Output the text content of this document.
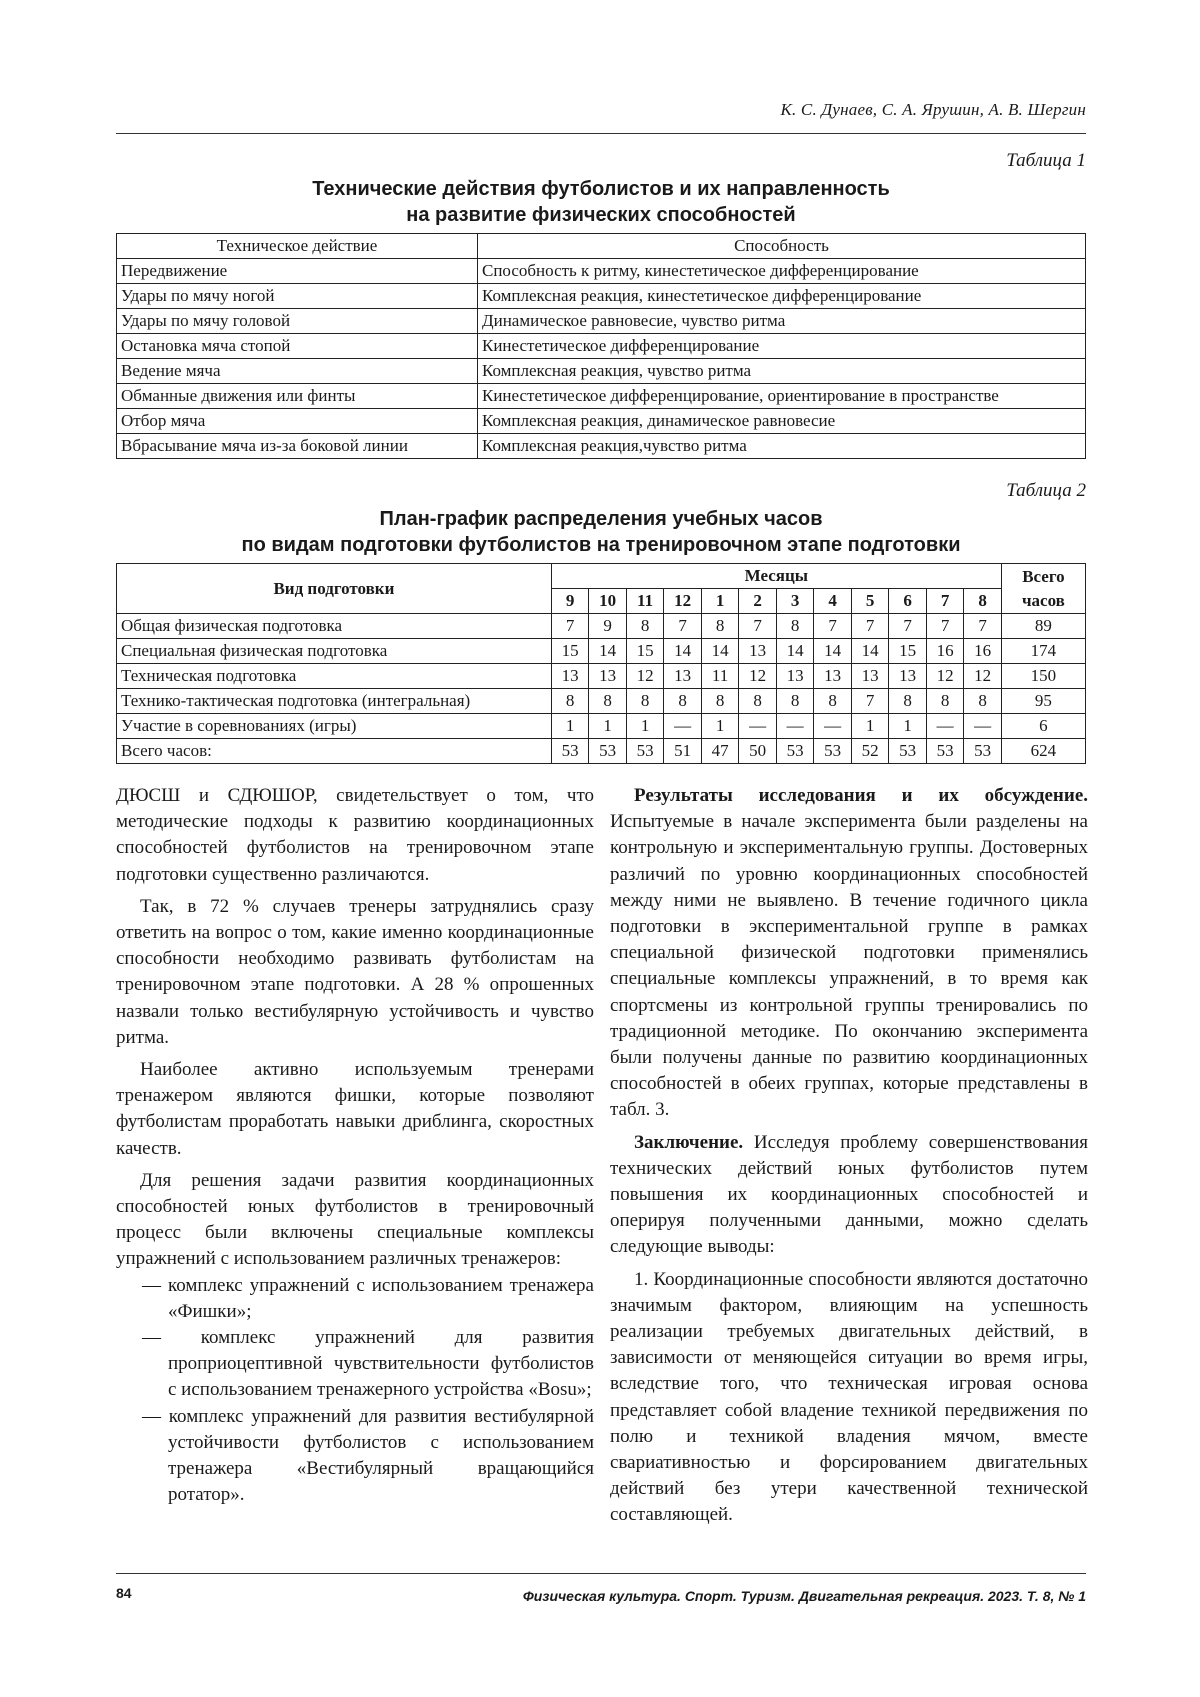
К. С. Дунаев, С. А. Ярушин, А. В. Шергин
Таблица 1
Технические действия футболистов и их направленность
на развитие физических способностей
Техническое действие	Способность
Передвижение	Способность к ритму, кинестетическое дифференцирование
Удары по мячу ногой	Комплексная реакция, кинестетическое дифференцирование
Удары по мячу головой	Динамическое равновесие, чувство ритма
Остановка мяча стопой	Кинестетическое дифференцирование
Ведение мяча	Комплексная реакция, чувство ритма
Обманные движения или финты	Кинестетическое дифференцирование, ориентирование в пространстве
Отбор мяча	Комплексная реакция, динамическое равновесие
Вбрасывание мяча из-за боковой линии	Комплексная реакция,чувство ритма
Таблица 2
План-график распределения учебных часов
по видам подготовки футболистов на тренировочном этапе подготовки
Вид подготовки	Месяцы												Всего часов
	9	10	11	12	1	2	3	4	5	6	7	8	
Общая физическая подготовка	7	9	8	7	8	7	8	7	7	7	7	7	89
Специальная физическая подготовка	15	14	15	14	14	13	14	14	14	15	16	16	174
Техническая подготовка	13	13	12	13	11	12	13	13	13	13	12	12	150
Технико-тактическая подготовка (интегральная)	8	8	8	8	8	8	8	8	7	8	8	8	95
Участие в соревнованиях (игры)	1	1	1	—	1	—	—	—	1	1	—	—	6
Всего часов:	53	53	53	51	47	50	53	53	52	53	53	53	624

ДЮСШ и СДЮШОР, свидетельствует о том, что методические подходы к развитию координационных способностей футболистов на тренировочном этапе подготовки существенно различаются.

Так, в 72 % случаев тренеры затруднялись сразу ответить на вопрос о том, какие именно координационные способности необходимо развивать футболистам на тренировочном этапе подготовки. А 28 % опрошенных назвали только вестибулярную устойчивость и чувство ритма.

Наиболее активно используемым тренерами тренажером являются фишки, которые позволяют футболистам проработать навыки дриблинга, скоростных качеств.

Для решения задачи развития координационных способностей юных футболистов в тренировочный процесс были включены специальные комплексы упражнений с использованием различных тренажеров:

— комплекс упражнений с использованием тренажера «Фишки»;

— комплекс упражнений для развития проприоцептивной чувствительности футболистов с использованием тренажерного устройства «Bosu»;

— комплекс упражнений для развития вестибулярной устойчивости футболистов с использованием тренажера «Вестибулярный вращающийся ротатор».

Результаты исследования и их обсуждение. Испытуемые в начале эксперимента были разделены на контрольную и экспериментальную группы. Достоверных различий по уровню координационных способностей между ними не выявлено. В течение годичного цикла подготовки в экспериментальной группе в рамках специальной физической подготовки применялись специальные комплексы упражнений, в то время как спортсмены из контрольной группы тренировались по традиционной методике. По окончанию эксперимента были получены данные по развитию координационных способностей в обеих группах, которые представлены в табл. 3.

Заключение. Исследуя проблему совершенствования технических действий юных футболистов путем повышения их координационных способностей и оперируя полученными данными, можно сделать следующие выводы:

1. Координационные способности являются достаточно значимым фактором, влияющим на успешность реализации требуемых двигательных действий, в зависимости от меняющейся ситуации во время игры, вследствие того, что техническая игровая основа представляет собой владение техникой передвижения по полю и техникой владения мячом, вместе свариативностью и форсированием двигательных действий без утери качественной технической составляющей.

84	Физическая культура. Спорт. Туризм. Двигательная рекреация. 2023. Т. 8, № 1
